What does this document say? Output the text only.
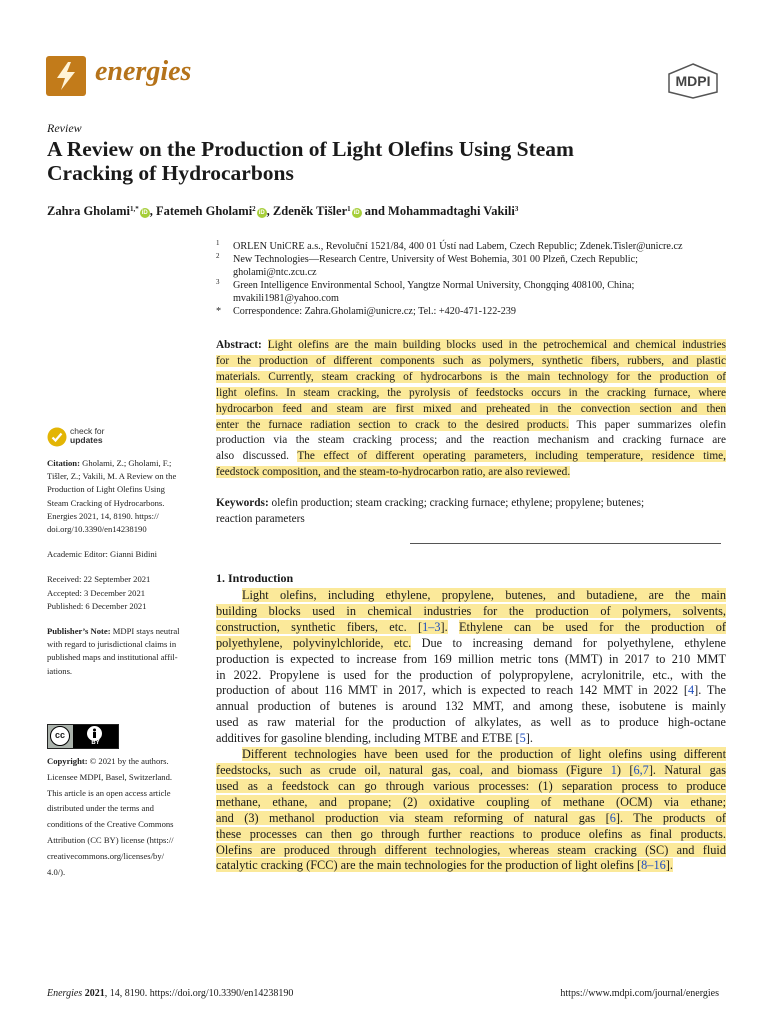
energies	MDPI
Review
A Review on the Production of Light Olefins Using Steam
Cracking of Hydrocarbons
Zahra Gholami$^{1,*}$ iD , Fatemeh Gholami$^2$ iD , Zdeněk Tišler$^1$ iD and Mohammadtaghi Vakili$^3$
1 ORLEN UniCRE a.s., Revoluční 1521/84, 400 01 Ústí nad Labem, Czech Republic; Zdenek.Tisler@unicre.cz
2 New Technologies—Research Centre, University of West Bohemia, 301 00 Plzeň, Czech Republic;
gholami@ntc.zcu.cz
3 Green Intelligence Environmental School, Yangtze Normal University, Chongqing 408100, China;
mvakili1981@yahoo.com
* Correspondence: Zahra.Gholami@unicre.cz; Tel.: +420-471-122-239
Abstract: Light olefins are the main building blocks used in the petrochemical and chemical industries
for the production of different components such as polymers, synthetic fibers, rubbers, and plastic
materials. Currently, steam cracking of hydrocarbons is the main technology for the production of
light olefins. In steam cracking, the pyrolysis of feedstocks occurs in the cracking furnace, where
hydrocarbon feed and steam are first mixed and preheated in the convection section and then
enter the furnace radiation section to crack to the desired products. This paper summarizes olefin
production via the steam cracking process; and the reaction mechanism and cracking furnace are
also discussed. The effect of different operating parameters, including temperature, residence time,
feedstock composition, and the steam-to-hydrocarbon ratio, are also reviewed.
Keywords: olefin production; steam cracking; cracking furnace; ethylene; propylene; butenes;
reaction parameters
check for
updates
Citation: Gholami, Z.; Gholami, F.;
Tišler, Z.; Vakili, M. A Review on the
Production of Light Olefins Using
Steam Cracking of Hydrocarbons.
Energies 2021, 14, 8190. https://
doi.org/10.3390/en14238190
Academic Editor: Gianni Bidini
Received: 22 September 2021
Accepted: 3 December 2021
Published: 6 December 2021
Publisher’s Note: MDPI stays neutral
with regard to jurisdictional claims in
published maps and institutional affil-
iations.
cc
BY
Copyright: © 2021 by the authors.
Licensee MDPI, Basel, Switzerland.
This article is an open access article
distributed under the terms and
conditions of the Creative Commons
Attribution (CC BY) license (https://
creativecommons.org/licenses/by/
4.0/).
1. Introduction
Light olefins, including ethylene, propylene, butenes, and butadiene, are the main
building blocks used in chemical industries for the production of polymers, solvents,
construction, synthetic fibers, etc. [1–3]. Ethylene can be used for the production of
polyethylene, polyvinylchloride, etc. Due to increasing demand for polyethylene, ethylene
production is expected to increase from 169 million metric tons (MMT) in 2017 to 210 MMT
in 2022. Propylene is used for the production of polypropylene, acrylonitrile, etc., with the
production of about 116 MMT in 2017, which is expected to reach 142 MMT in 2022 [4]. The
annual production of butenes is around 132 MMT, and among these, isobutene is mainly
used as raw material for the production of alkylates, as well as to produce high-octane
additives for gasoline blending, including MTBE and ETBE [5].
Different technologies have been used for the production of light olefins using different
feedstocks, such as crude oil, natural gas, coal, and biomass (Figure 1) [6,7]. Natural gas
used as a feedstock can go through various processes: (1) separation process to produce
methane, ethane, and propane; (2) oxidative coupling of methane (OCM) via ethane;
and (3) methanol production via steam reforming of natural gas [6]. The products of
these processes can then go through further reactions to produce olefins as final products.
Olefins are produced through different technologies, whereas steam cracking (SC) and fluid
catalytic cracking (FCC) are the main technologies for the production of light olefins [8–16].
Energies 2021, 14, 8190. https://doi.org/10.3390/en14238190	https://www.mdpi.com/journal/energies
